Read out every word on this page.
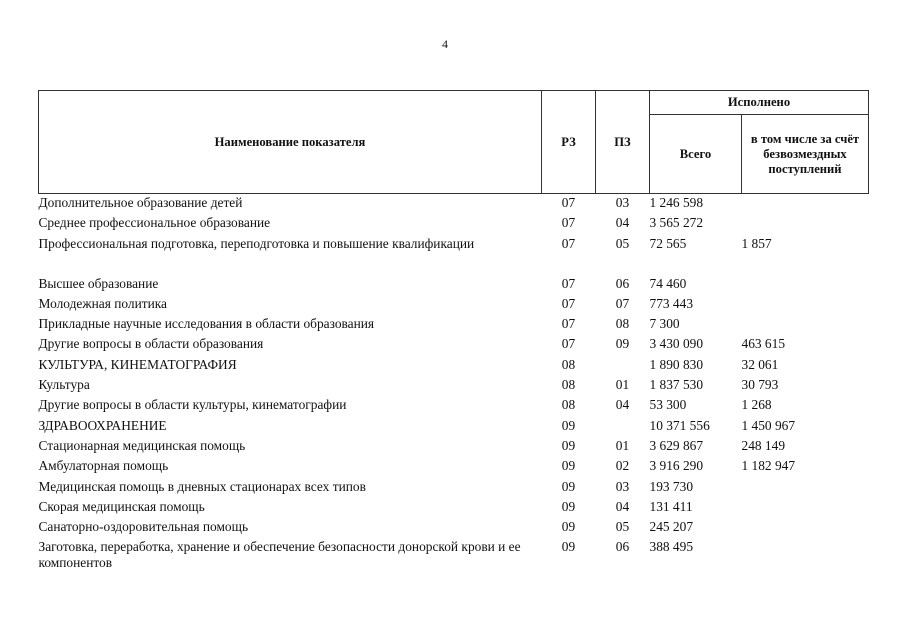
4
Наименование показателя	РЗ	ПЗ	Исполнено	
			Всего	в том числе за счёт безвозмездных поступлений
Дополнительное образование детей	07	03	1 246 598	
Среднее профессиональное образование	07	04	3 565 272	
Профессиональная подготовка, переподготовка и повышение квалификации	07	05	72 565	1 857
Высшее образование	07	06	74 460	
Молодежная политика	07	07	773 443	
Прикладные научные исследования в области образования	07	08	7 300	
Другие вопросы в области образования	07	09	3 430 090	463 615
КУЛЬТУРА, КИНЕМАТОГРАФИЯ	08		1 890 830	32 061
Культура	08	01	1 837 530	30 793
Другие вопросы в области культуры, кинематографии	08	04	53 300	1 268
ЗДРАВООХРАНЕНИЕ	09		10 371 556	1 450 967
Стационарная медицинская помощь	09	01	3 629 867	248 149
Амбулаторная помощь	09	02	3 916 290	1 182 947
Медицинская помощь в дневных стационарах всех типов	09	03	193 730	
Скорая медицинская помощь	09	04	131 411	
Санаторно-оздоровительная помощь	09	05	245 207	
Заготовка, переработка, хранение и обеспечение безопасности донорской крови и ее компонентов	09	06	388 495	
